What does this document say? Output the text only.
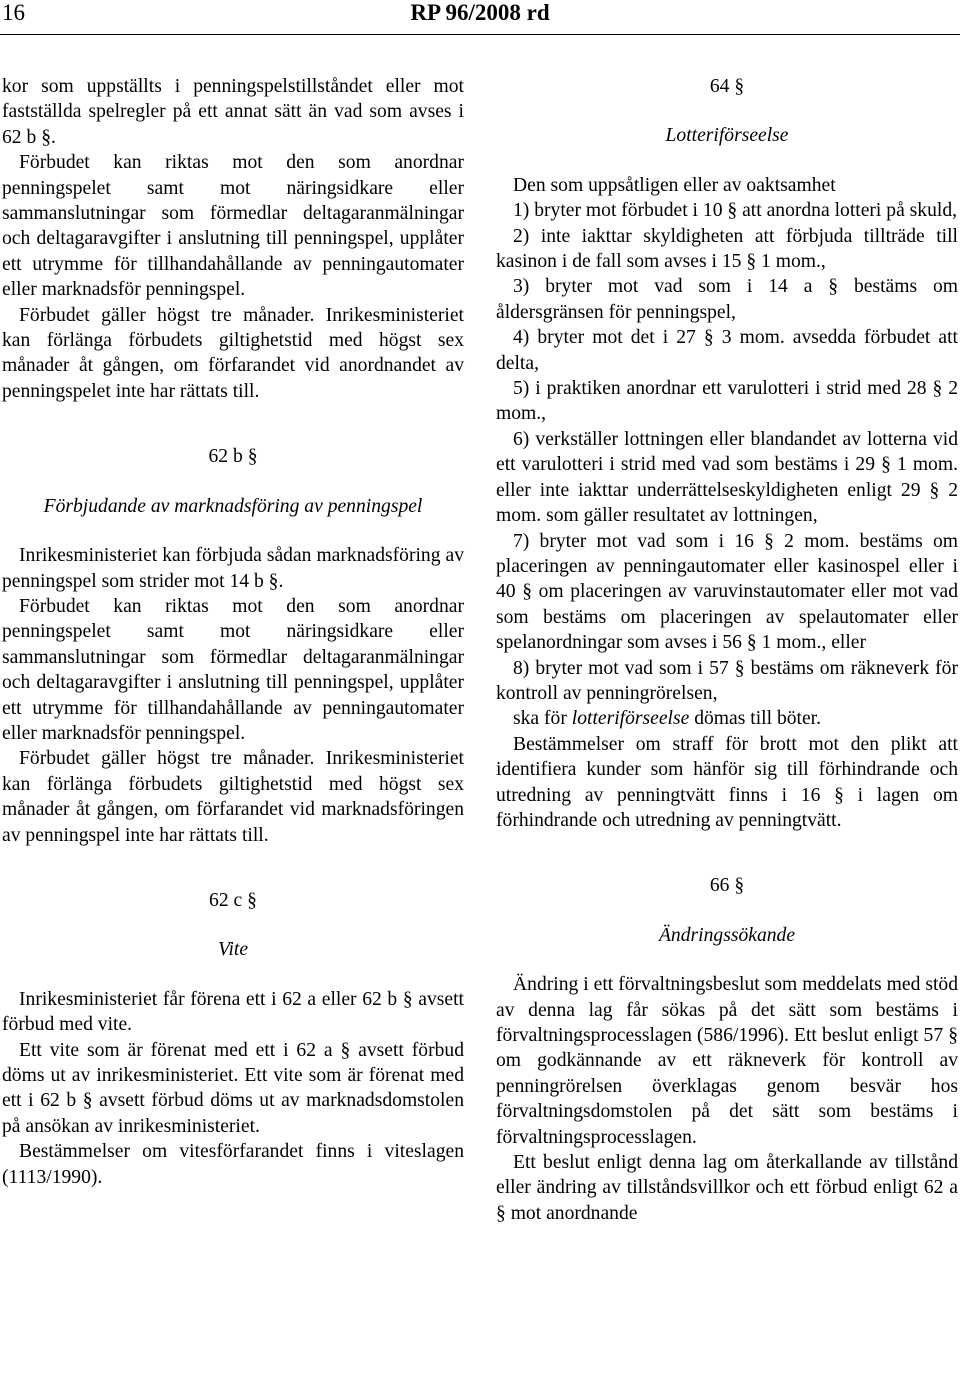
16	RP 96/2008 rd

kor som uppställts i penningspelstillståndet eller mot fastställda spelregler på ett annat sätt än vad som avses i 62 b §.

Förbudet kan riktas mot den som anordnar penningspelet samt mot näringsidkare eller sammanslutningar som förmedlar deltagaranmälningar och deltagaravgifter i anslutning till penningspel, upplåter ett utrymme för tillhandahållande av penningautomater eller marknadsför penningspel.

Förbudet gäller högst tre månader. Inrikesministeriet kan förlänga förbudets giltighetstid med högst sex månader åt gången, om förfarandet vid anordnandet av penningspelet inte har rättats till.

62 b §
Förbjudande av marknadsföring av penningspel

Inrikesministeriet kan förbjuda sådan marknadsföring av penningspel som strider mot 14 b §.

Förbudet kan riktas mot den som anordnar penningspelet samt mot näringsidkare eller sammanslutningar som förmedlar deltagaranmälningar och deltagaravgifter i anslutning till penningspel, upplåter ett utrymme för tillhandahållande av penningautomater eller marknadsför penningspel.

Förbudet gäller högst tre månader. Inrikesministeriet kan förlänga förbudets giltighetstid med högst sex månader åt gången, om förfarandet vid marknadsföringen av penningspel inte har rättats till.

62 c §
Vite

Inrikesministeriet får förena ett i 62 a eller 62 b § avsett förbud med vite.

Ett vite som är förenat med ett i 62 a § avsett förbud döms ut av inrikesministeriet. Ett vite som är förenat med ett i 62 b § avsett förbud döms ut av marknadsdomstolen på ansökan av inrikesministeriet.

Bestämmelser om vitesförfarandet finns i viteslagen (1113/1990).

64 §
Lotteriförseelse

Den som uppsåtligen eller av oaktsamhet

1) bryter mot förbudet i 10 § att anordna lotteri på skuld,

2) inte iakttar skyldigheten att förbjuda tillträde till kasinon i de fall som avses i 15 § 1 mom.,

3) bryter mot vad som i 14 a § bestäms om åldersgränsen för penningspel,

4) bryter mot det i 27 § 3 mom. avsedda förbudet att delta,

5) i praktiken anordnar ett varulotteri i strid med 28 § 2 mom.,

6) verkställer lottningen eller blandandet av lotterna vid ett varulotteri i strid med vad som bestäms i 29 § 1 mom. eller inte iakttar underrättelseskyldigheten enligt 29 § 2 mom. som gäller resultatet av lottningen,

7) bryter mot vad som i 16 § 2 mom. bestäms om placeringen av penningautomater eller kasinospel eller i 40 § om placeringen av varuvinstautomater eller mot vad som bestäms om placeringen av spelautomater eller spelanordningar som avses i 56 § 1 mom., eller

8) bryter mot vad som i 57 § bestäms om räkneverk för kontroll av penningrörelsen,

ska för lotteriförseelse dömas till böter.

Bestämmelser om straff för brott mot den plikt att identifiera kunder som hänför sig till förhindrande och utredning av penningtvätt finns i 16 § i lagen om förhindrande och utredning av penningtvätt.

66 §
Ändringssökande

Ändring i ett förvaltningsbeslut som meddelats med stöd av denna lag får sökas på det sätt som bestäms i förvaltningsprocesslagen (586/1996). Ett beslut enligt 57 § om godkännande av ett räkneverk för kontroll av penningrörelsen överklagas genom besvär hos förvaltningsdomstolen på det sätt som bestäms i förvaltningsprocesslagen.

Ett beslut enligt denna lag om återkallande av tillstånd eller ändring av tillståndsvillkor och ett förbud enligt 62 a § mot anordnande
